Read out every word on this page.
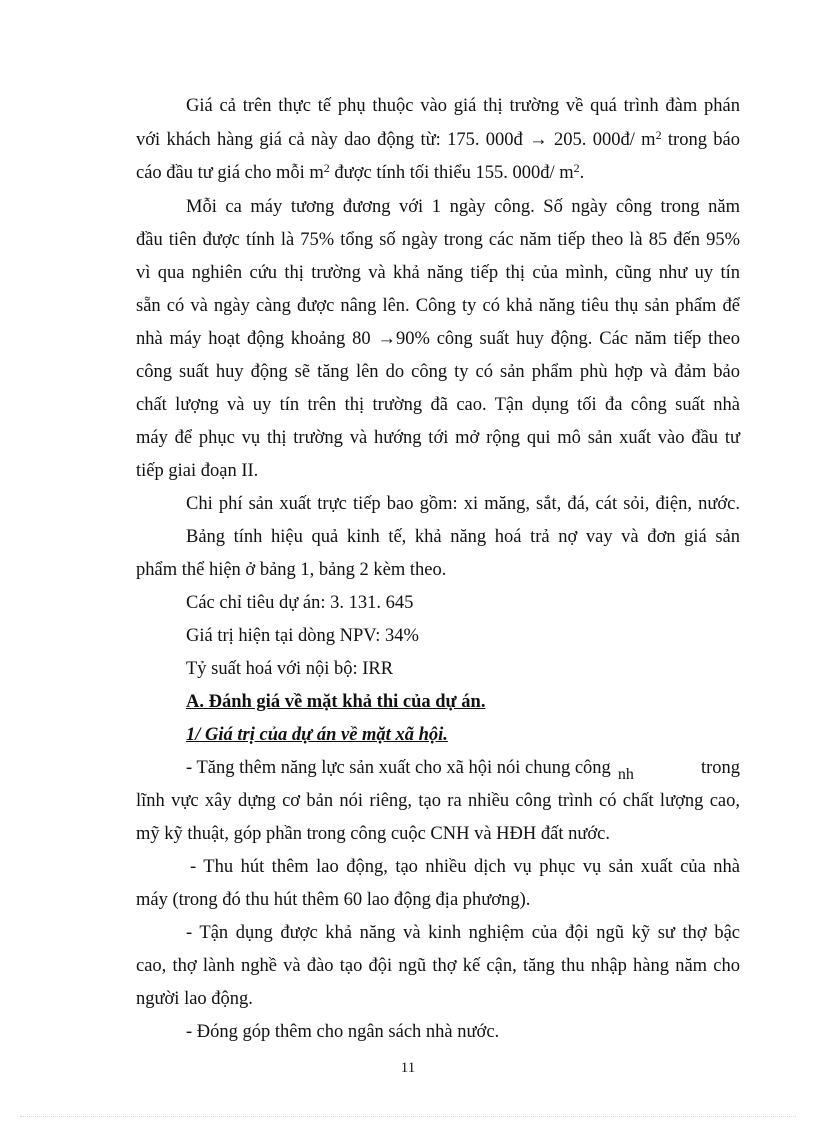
Giá cả trên thực tế phụ thuộc vào giá thị trường về quá trình đàm phán
với khách hàng giá cả này dao động từ: 175. 000đ → 205. 000đ/ $m^2$ trong báo
cáo đầu tư giá cho mỗi $m^2$ được tính tối thiểu 155. 000đ/ $m^2$.
Mỗi ca máy tương đương với 1 ngày công. Số ngày công trong năm
đầu tiên được tính là 75% tổng số ngày trong các năm tiếp theo là 85 đến 95%
vì qua nghiên cứu thị trường và khả năng tiếp thị của mình, cũng như uy tín
sẵn có và ngày càng được nâng lên. Công ty có khả năng tiêu thụ sản phẩm để
nhà máy hoạt động khoảng 80 →90% công suất huy động. Các năm tiếp theo
công suất huy động sẽ tăng lên do công ty có sản phẩm phù hợp và đảm bảo
chất lượng và uy tín trên thị trường đã cao. Tận dụng tối đa công suất nhà
máy để phục vụ thị trường và hướng tới mở rộng qui mô sản xuất vào đầu tư
tiếp giai đoạn II.
Chi phí sản xuất trực tiếp bao gồm: xi măng, sắt, đá, cát sỏi, điện, nước.
Bảng tính hiệu quả kinh tế, khả năng hoá trả nợ vay và đơn giá sản
phẩm thể hiện ở bảng 1, bảng 2 kèm theo.
Các chỉ tiêu dự án: 3. 131. 645
Giá trị hiện tại dòng NPV: 34%
Tỷ suất hoá với nội bộ: IRR
A. Đánh giá về mặt khả thi của dự án.
1/ Giá trị của dự án về mặt xã hội.
- Tăng thêm năng lực sản xuất cho xã hội nói chung công nh	trong
lĩnh vực xây dựng cơ bản nói riêng, tạo ra nhiều công trình có chất lượng cao,
mỹ kỹ thuật, góp phần trong công cuộc CNH và HĐH đất nước.
- Thu hút thêm lao động, tạo nhiều dịch vụ phục vụ sản xuất của nhà
máy (trong đó thu hút thêm 60 lao động địa phương).
- Tận dụng được khả năng và kinh nghiệm của đội ngũ kỹ sư thợ bậc
cao, thợ lành nghề và đào tạo đội ngũ thợ kế cận, tăng thu nhập hàng năm cho
người lao động.
- Đóng góp thêm cho ngân sách nhà nước.
11
